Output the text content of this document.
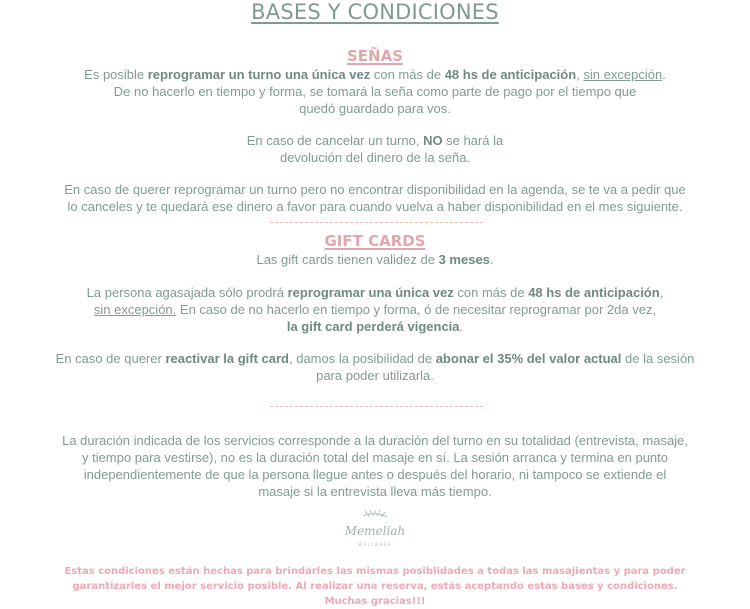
BASES Y CONDICIONES
SEÑAS
Es posible reprogramar un turno una única vez con más de 48 hs de anticipación, sin excepción.
De no hacerlo en tiempo y forma, se tomará la seña como parte de pago por el tiempo que
quedó guardado para vos.
En caso de cancelar un turno, NO se hará la
devolución del dinero de la seña.
En caso de querer reprogramar un turno pero no encontrar disponibilidad en la agenda, se te va a pedir que
lo canceles y te quedará ese dinero a favor para cuando vuelva a haber disponibilidad en el mes siguiente.
GIFT CARDS
Las gift cards tienen validez de 3 meses.
La persona agasajada sólo prodrá reprogramar una única vez con más de 48 hs de anticipación,
sin excepción. En caso de no hacerlo en tiempo y forma, ó de necesitar reprogramar por 2da vez,
la gift card perderá vigencia.
En caso de querer reactivar la gift card, damos la posibilidad de abonar el 35% del valor actual de la sesión
para poder utilizarla.
La duración indicada de los servicios corresponde a la duración del turno en su totalidad (entrevista, masaje,
y tiempo para vestirse), no es la duración total del masaje en sí. La sesión arranca y termina en punto
independientemente de que la persona llegue antes o después del horario, ni tampoco se extiende el
masaje si la entrevista lleva más tiempo.
Memeliah
WELLNESS
Estas condiciones están hechas para brindarles las mismas posiblidades a todas las masajientas y para poder
garantizarles el mejor servicio posible. Al realizar una reserva, estás aceptando estas bases y condiciones.
Muchas gracias!!!
